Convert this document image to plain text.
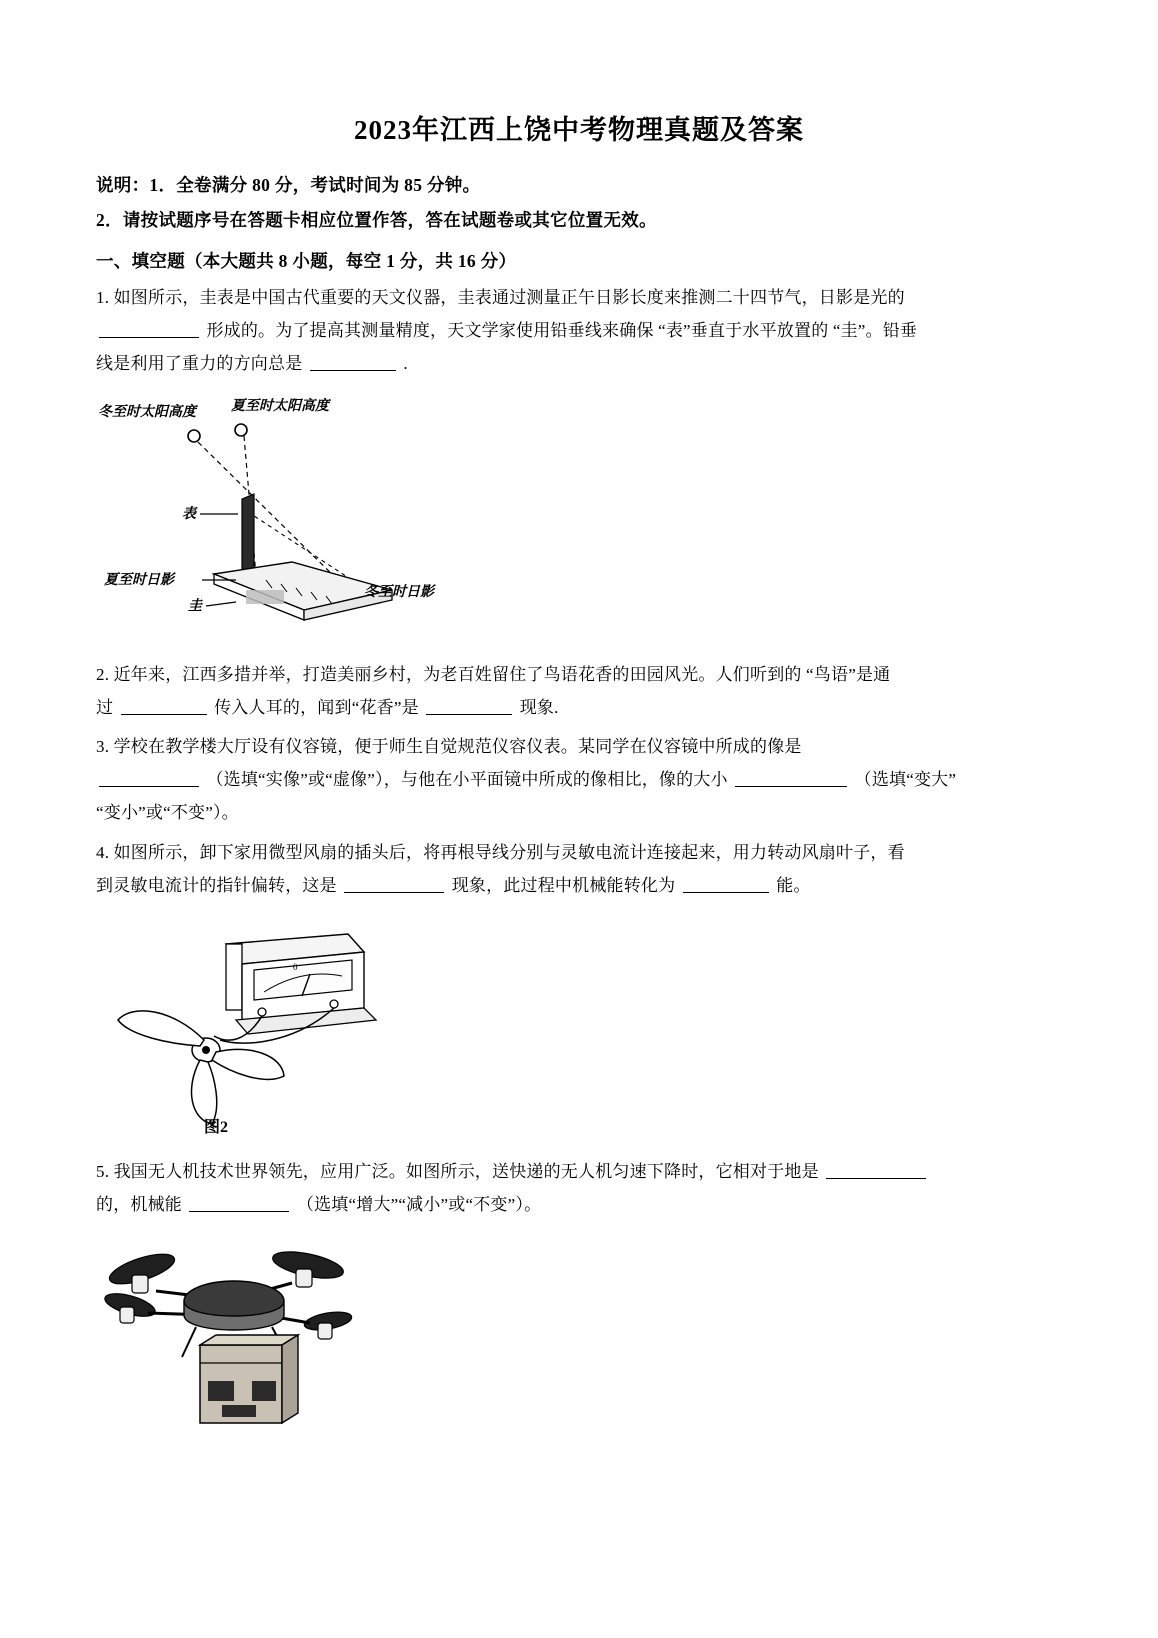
2023年江西上饶中考物理真题及答案

说明：1．全卷满分 80 分，考试时间为 85 分钟。

2．请按试题序号在答题卡相应位置作答，答在试题卷或其它位置无效。

一、填空题（本大题共 8 小题，每空 1 分，共 16 分）

1. 如图所示，圭表是中国古代重要的天文仪器，圭表通过测量正午日影长度来推测二十四节气，日影是光的
形成的。为了提高其测量精度，天文学家使用铅垂线来确保 “表”垂直于水平放置的 “圭”。铅垂
线是利用了重力的方向总是	.

冬至时太阳高度	夏至时太阳高度
表
夏至时日影
圭
冬至时日影

2. 近年来，江西多措并举，打造美丽乡村，为老百姓留住了鸟语花香的田园风光。人们听到的 “鸟语”是通
过	传入人耳的，闻到“花香”是	现象.

3. 学校在教学楼大厅设有仪容镜，便于师生自觉规范仪容仪表。某同学在仪容镜中所成的像是
（选填“实像”或“虚像”），与他在小平面镜中所成的像相比，像的大小	（选填“变大”
“变小”或“不变”）。

4. 如图所示，卸下家用微型风扇的插头后，将再根导线分别与灵敏电流计连接起来，用力转动风扇叶子，看
到灵敏电流计的指针偏转，这是	现象，此过程中机械能转化为	能。

0
图2

5. 我国无人机技术世界领先，应用广泛。如图所示，送快递的无人机匀速下降时，它相对于地是
的，机械能	（选填“增大”“减小”或“不变”）。
